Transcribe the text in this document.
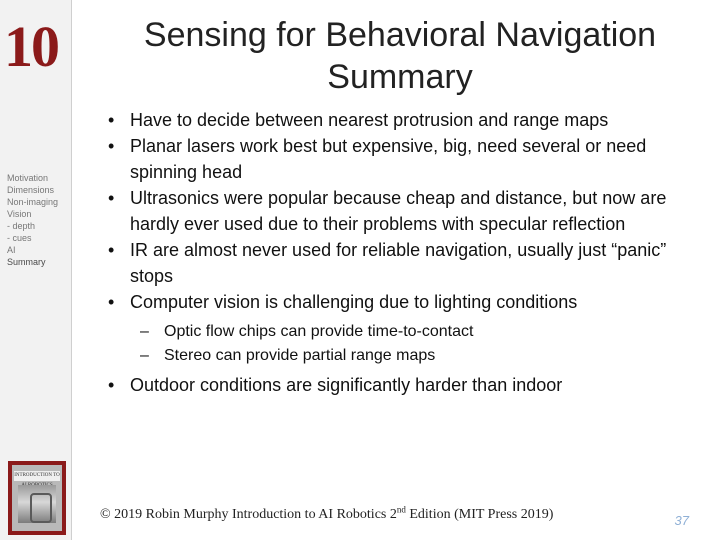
10
Motivation
Dimensions
Non-imaging
Vision
- depth
- cues
AI
Summary
INTRODUCTION TO
Sensing for Behavioral Navigation Summary
• Have to decide between nearest protrusion and range maps
• Planar lasers work best but expensive, big, need several or need spinning head
• Ultrasonics were popular because cheap and distance, but now are hardly ever used due to their problems with specular reflection
• IR are almost never used for reliable navigation, usually just “panic” stops
• Computer vision is challenging due to lighting conditions
– Optic flow chips can provide time-to-contact
– Stereo can provide partial range maps
• Outdoor conditions are significantly harder than indoor
© 2019 Robin Murphy Introduction to AI Robotics 2nd Edition (MIT Press 2019)	37
